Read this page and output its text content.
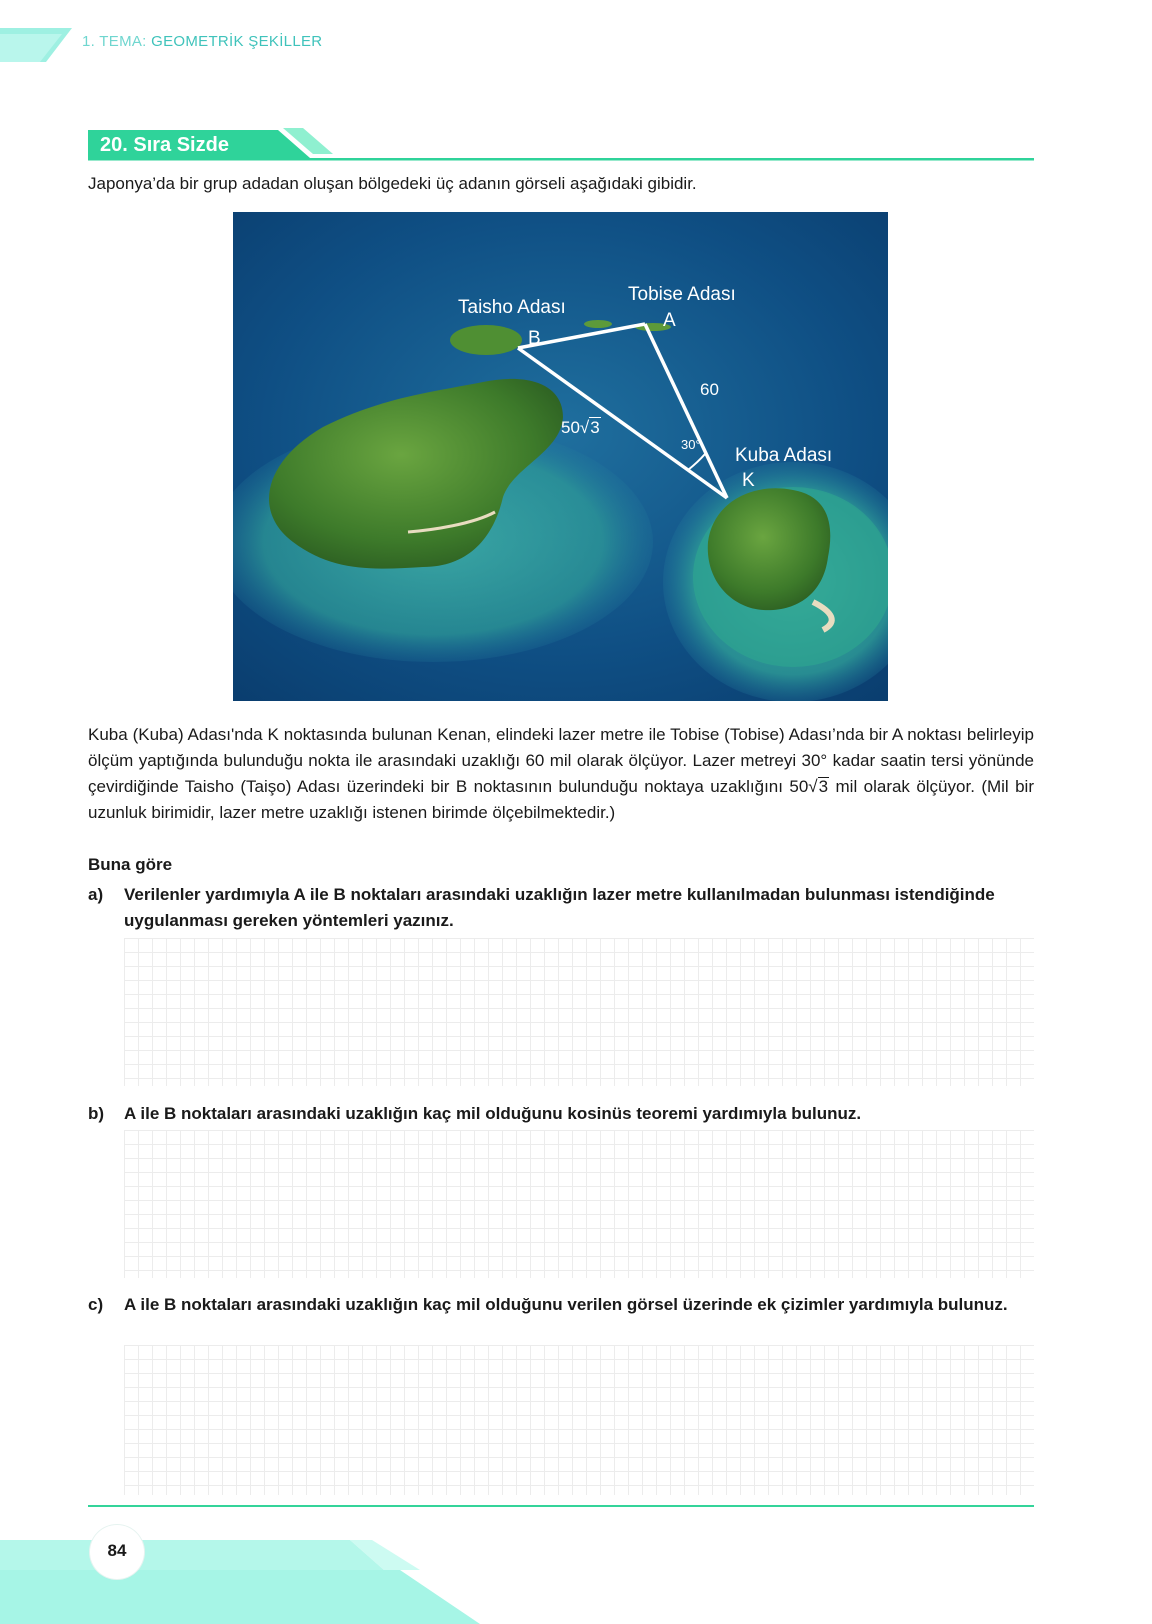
1. TEMA: GEOMETRİK ŞEKİLLER
20. Sıra Sizde
Japonya’da bir grup adadan oluşan bölgedeki üç adanın görseli aşağıdaki gibidir.
Taisho Adası
Tobise Adası
Kuba Adası
B
A
K
60
50√3
30°
Kuba (Kuba) Adası'nda K noktasında bulunan Kenan, elindeki lazer metre ile Tobise (Tobise) Adası’nda bir A noktası belirleyip ölçüm yaptığında bulunduğu nokta ile arasındaki uzaklığı 60 mil olarak ölçüyor. Lazer metreyi 30° kadar saatin tersi yönünde çevirdiğinde Taisho (Taişo) Adası üzerindeki bir B noktasının bulunduğu noktaya uzaklığını 50√3 mil olarak ölçüyor. (Mil bir uzunluk birimidir, lazer metre uzaklığı istenen birimde ölçebilmektedir.)
Buna göre
a) Verilenler yardımıyla A ile B noktaları arasındaki uzaklığın lazer metre kullanılmadan bulunması istendiğinde uygulanması gereken yöntemleri yazınız.
b) A ile B noktaları arasındaki uzaklığın kaç mil olduğunu kosinüs teoremi yardımıyla bulunuz.
c) A ile B noktaları arasındaki uzaklığın kaç mil olduğunu verilen görsel üzerinde ek çizimler yardımıyla bulunuz.
84
